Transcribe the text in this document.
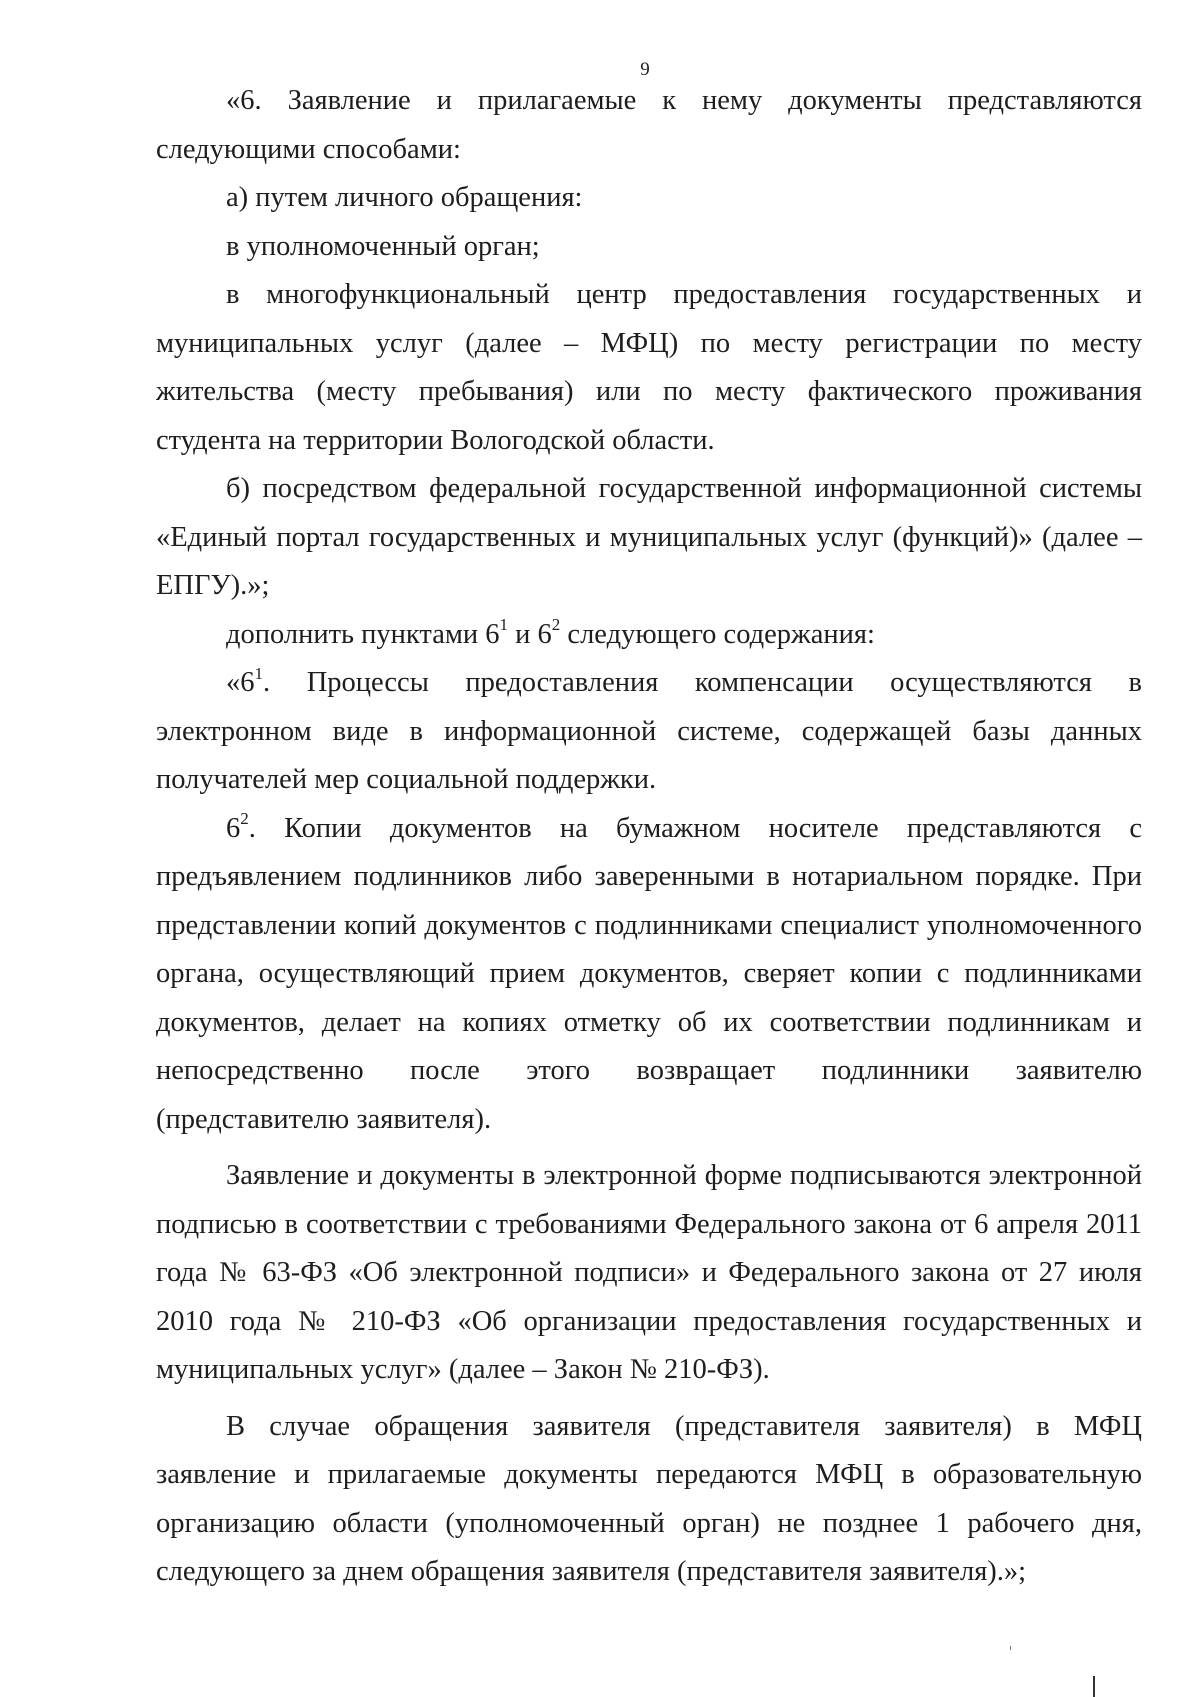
9

«6. Заявление и прилагаемые к нему документы представляются следующими способами:

а) путем личного обращения:

в уполномоченный орган;

в многофункциональный центр предоставления государственных и муниципальных услуг (далее – МФЦ) по месту регистрации по месту жительства (месту пребывания) или по месту фактического проживания студента на территории Вологодской области.

б) посредством федеральной государственной информационной системы «Единый портал государственных и муниципальных услуг (функций)» (далее – ЕПГУ).»;

дополнить пунктами $6^1$ и $6^2$ следующего содержания:

«$6^1$. Процессы предоставления компенсации осуществляются в электронном виде в информационной системе, содержащей базы данных получателей мер социальной поддержки.

$6^2$. Копии документов на бумажном носителе представляются с предъявлением подлинников либо заверенными в нотариальном порядке. При представлении копий документов с подлинниками специалист уполномоченного органа, осуществляющий прием документов, сверяет копии с подлинниками документов, делает на копиях отметку об их соответствии подлинникам и непосредственно после этого возвращает подлинники заявителю (представителю заявителя).

Заявление и документы в электронной форме подписываются электронной подписью в соответствии с требованиями Федерального закона от 6 апреля 2011 года № 63-ФЗ «Об электронной подписи» и Федерального закона от 27 июля 2010 года № 210-ФЗ «Об организации предоставления государственных и муниципальных услуг» (далее – Закон № 210-ФЗ).

В случае обращения заявителя (представителя заявителя) в МФЦ заявление и прилагаемые документы передаются МФЦ в образовательную организацию области (уполномоченный орган) не позднее 1 рабочего дня, следующего за днем обращения заявителя (представителя заявителя).»;
